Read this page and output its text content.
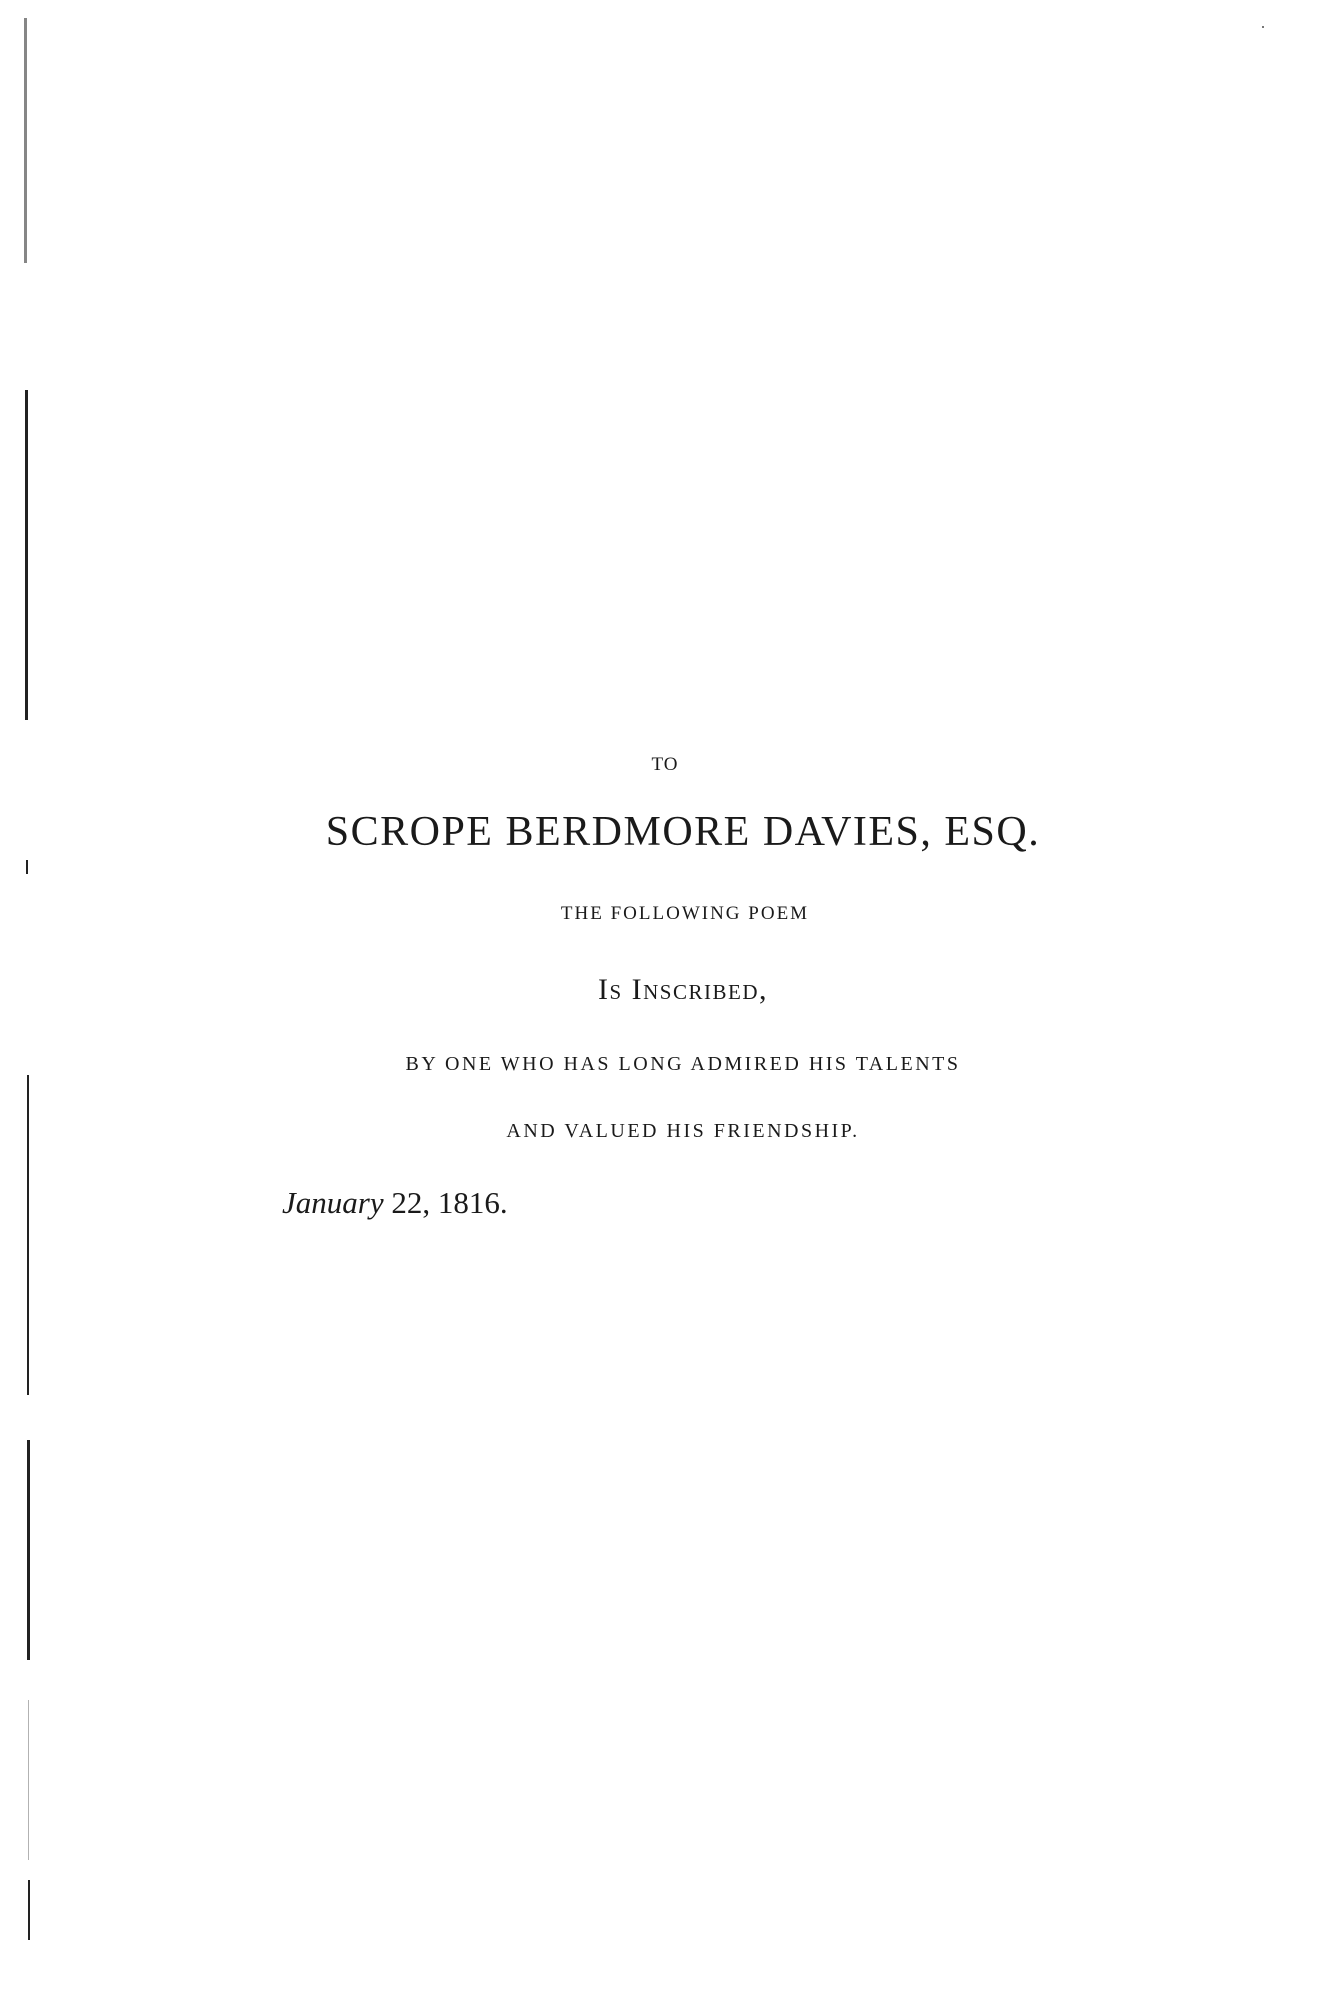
TO
SCROPE BERDMORE DAVIES, ESQ.
THE FOLLOWING POEM
Is Inscribed,
BY ONE WHO HAS LONG ADMIRED HIS TALENTS
AND VALUED HIS FRIENDSHIP.
January 22, 1816.
